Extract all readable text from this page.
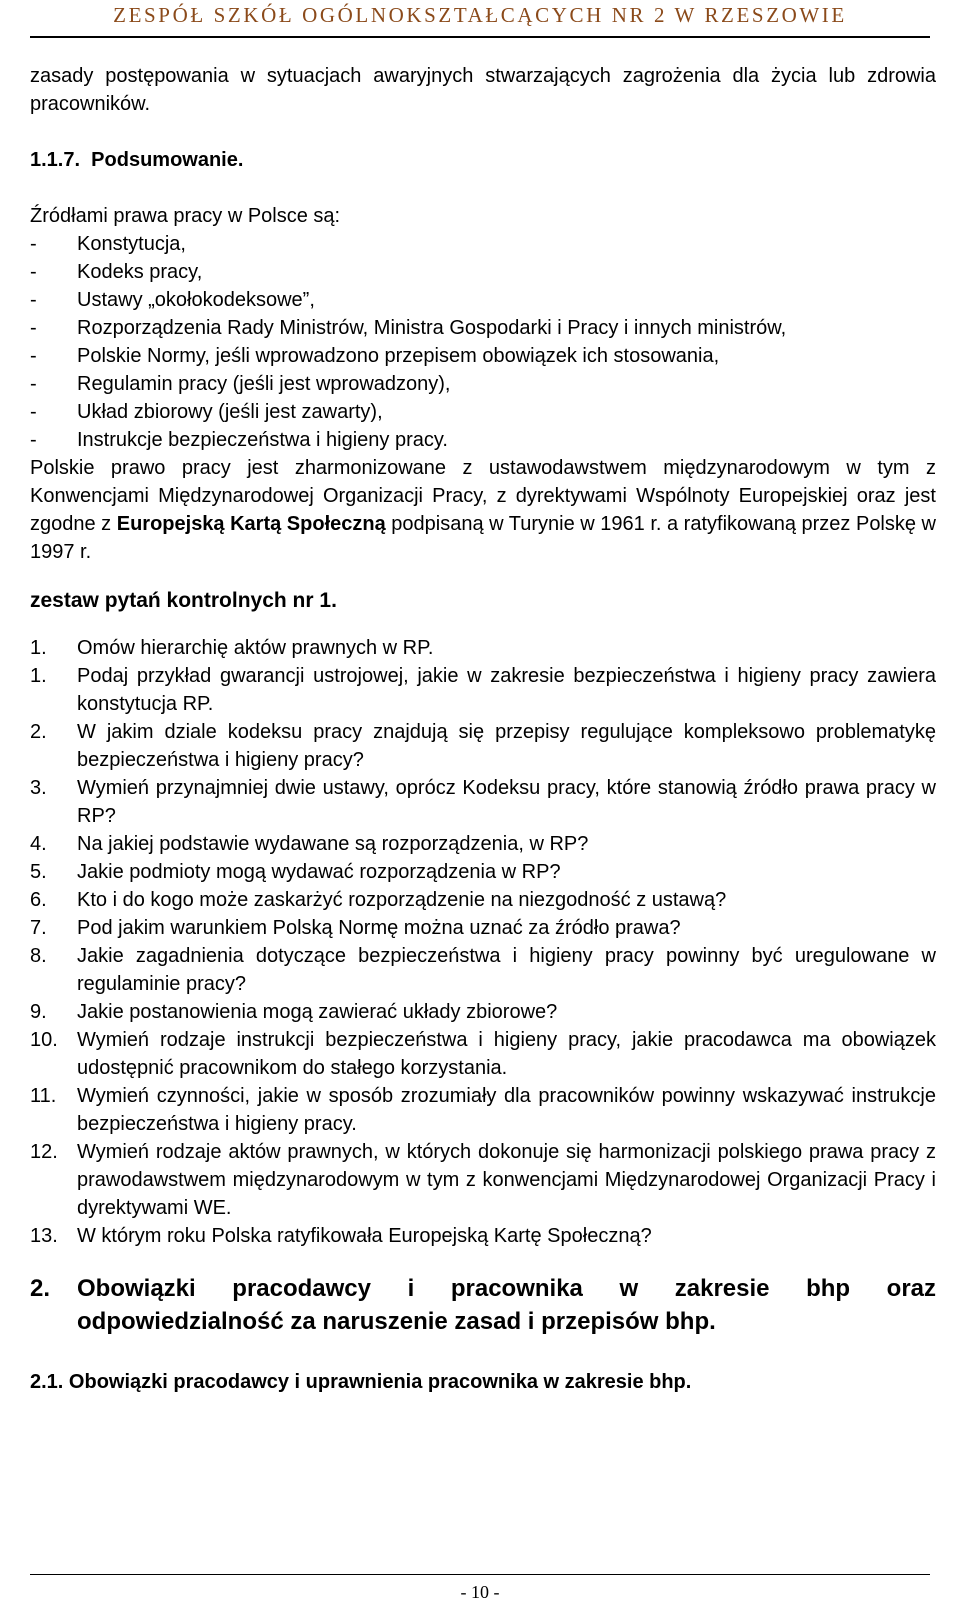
ZESPÓŁ SZKÓŁ OGÓLNOKSZTAŁCĄCYCH NR 2 W RZESZOWIE

zasady postępowania w sytuacjach awaryjnych stwarzających zagrożenia dla życia lub zdrowia pracowników.

1.1.7. Podsumowanie.

Źródłami prawa pracy w Polsce są:

- Konstytucja,
- Kodeks pracy,
- Ustawy „okołokodeksowe”,
- Rozporządzenia Rady Ministrów, Ministra Gospodarki i Pracy i innych ministrów,
- Polskie Normy, jeśli wprowadzono przepisem obowiązek ich stosowania,
- Regulamin pracy (jeśli jest wprowadzony),
- Układ zbiorowy (jeśli jest zawarty),
- Instrukcje bezpieczeństwa i higieny pracy.

Polskie prawo pracy jest zharmonizowane z ustawodawstwem międzynarodowym w tym z Konwencjami Międzynarodowej Organizacji Pracy, z dyrektywami Wspólnoty Europejskiej oraz jest zgodne z Europejską Kartą Społeczną podpisaną w Turynie w 1961 r. a ratyfikowaną przez Polskę w 1997 r.

zestaw pytań kontrolnych nr 1.

1. Omów hierarchię aktów prawnych w RP.
1. Podaj przykład gwarancji ustrojowej, jakie w zakresie bezpieczeństwa i higieny pracy zawiera konstytucja RP.
2. W jakim dziale kodeksu pracy znajdują się przepisy regulujące kompleksowo problematykę bezpieczeństwa i higieny pracy?
3. Wymień przynajmniej dwie ustawy, oprócz Kodeksu pracy, które stanowią źródło prawa pracy w RP?
4. Na jakiej podstawie wydawane są rozporządzenia, w RP?
5. Jakie podmioty mogą wydawać rozporządzenia w RP?
6. Kto i do kogo może zaskarżyć rozporządzenie na niezgodność z ustawą?
7. Pod jakim warunkiem Polską Normę można uznać za źródło prawa?
8. Jakie zagadnienia dotyczące bezpieczeństwa i higieny pracy powinny być uregulowane w regulaminie pracy?
9. Jakie postanowienia mogą zawierać układy zbiorowe?
10. Wymień rodzaje instrukcji bezpieczeństwa i higieny pracy, jakie pracodawca ma obowiązek udostępnić pracownikom do stałego korzystania.
11. Wymień czynności, jakie w sposób zrozumiały dla pracowników powinny wskazywać instrukcje bezpieczeństwa i higieny pracy.
12. Wymień rodzaje aktów prawnych, w których dokonuje się harmonizacji polskiego prawa pracy z prawodawstwem międzynarodowym w tym z konwencjami Międzynarodowej Organizacji Pracy i dyrektywami WE.
13. W którym roku Polska ratyfikowała Europejską Kartę Społeczną?
2. Obowiązki pracodawcy i pracownika w zakresie bhp oraz odpowiedzialność za naruszenie zasad i przepisów bhp.
2.1. Obowiązki pracodawcy i uprawnienia pracownika w zakresie bhp.
- 10 -
